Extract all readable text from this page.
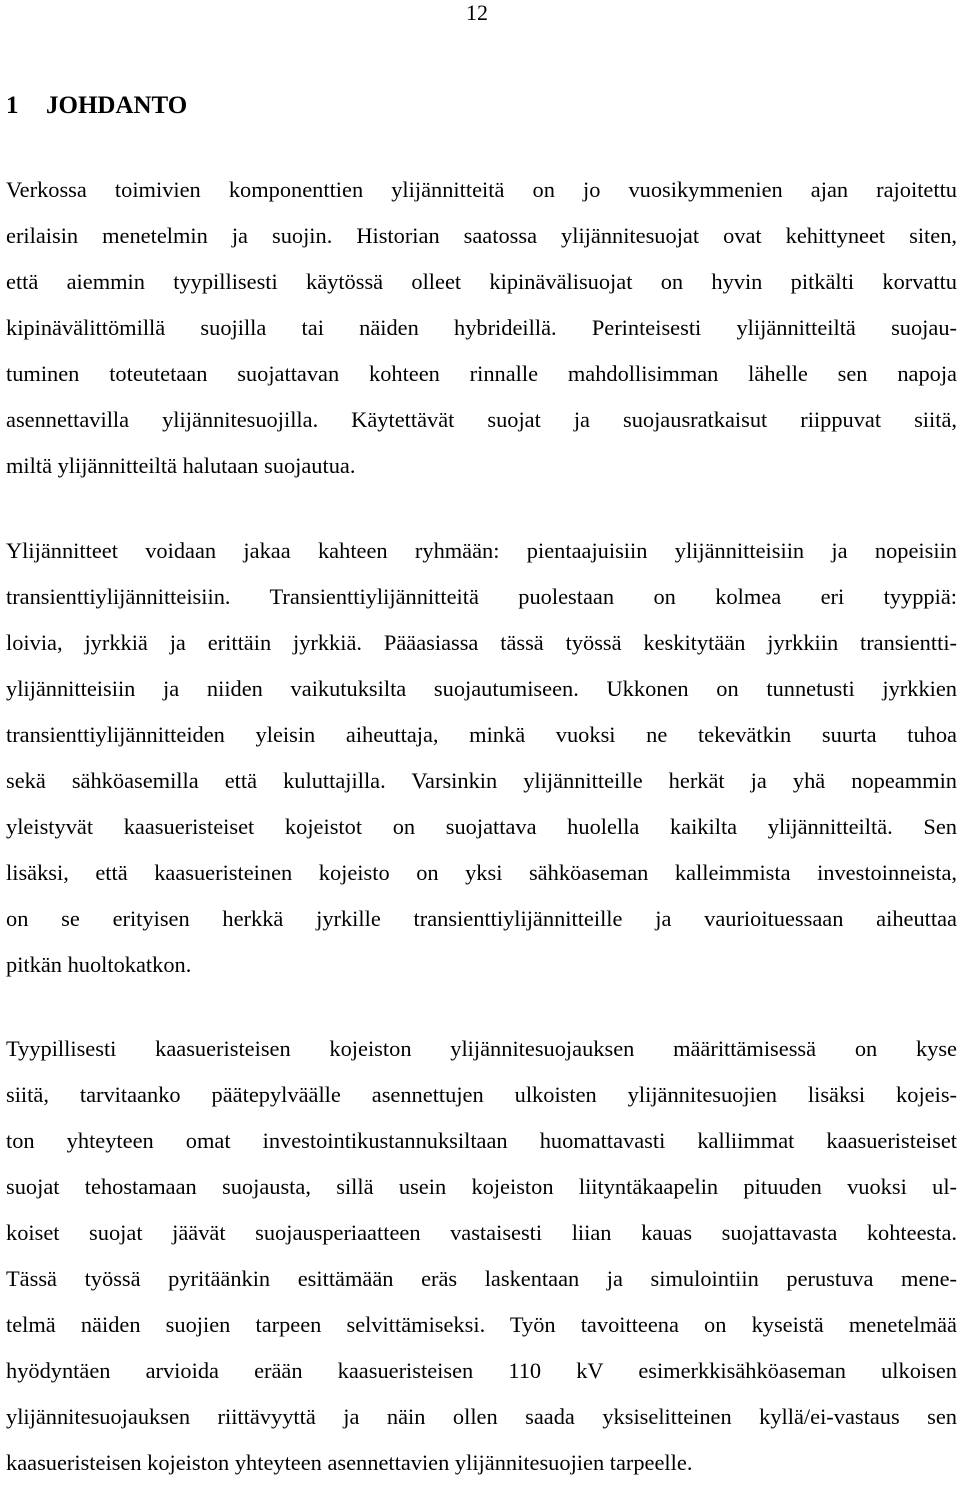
12
1 JOHDANTO
Verkossa toimivien komponenttien ylijännitteitä on jo vuosikymmenien ajan rajoitettu
erilaisin menetelmin ja suojin. Historian saatossa ylijännitesuojat ovat kehittyneet siten,
että aiemmin tyypillisesti käytössä olleet kipinävälisuojat on hyvin pitkälti korvattu
kipinävälittömillä suojilla tai näiden hybrideillä. Perinteisesti ylijännitteiltä suojau-
tuminen toteutetaan suojattavan kohteen rinnalle mahdollisimman lähelle sen napoja
asennettavilla ylijännitesuojilla. Käytettävät suojat ja suojausratkaisut riippuvat siitä,
miltä ylijännitteiltä halutaan suojautua.
Ylijännitteet voidaan jakaa kahteen ryhmään: pientaajuisiin ylijännitteisiin ja nopeisiin
transienttiylijännitteisiin. Transienttiylijännitteitä puolestaan on kolmea eri tyyppiä:
loivia, jyrkkiä ja erittäin jyrkkiä. Pääasiassa tässä työssä keskitytään jyrkkiin transientti-
ylijännitteisiin ja niiden vaikutuksilta suojautumiseen. Ukkonen on tunnetusti jyrkkien
transienttiylijännitteiden yleisin aiheuttaja, minkä vuoksi ne tekevätkin suurta tuhoa
sekä sähköasemilla että kuluttajilla. Varsinkin ylijännitteille herkät ja yhä nopeammin
yleistyvät kaasueristeiset kojeistot on suojattava huolella kaikilta ylijännitteiltä. Sen
lisäksi, että kaasueristeinen kojeisto on yksi sähköaseman kalleimmista investoinneista,
on se erityisen herkkä jyrkille transienttiylijännitteille ja vaurioituessaan aiheuttaa
pitkän huoltokatkon.
Tyypillisesti kaasueristeisen kojeiston ylijännitesuojauksen määrittämisessä on kyse
siitä, tarvitaanko päätepylväälle asennettujen ulkoisten ylijännitesuojien lisäksi kojeis-
ton yhteyteen omat investointikustannuksiltaan huomattavasti kalliimmat kaasueristeiset
suojat tehostamaan suojausta, sillä usein kojeiston liityntäkaapelin pituuden vuoksi ul-
koiset suojat jäävät suojausperiaatteen vastaisesti liian kauas suojattavasta kohteesta.
Tässä työssä pyritäänkin esittämään eräs laskentaan ja simulointiin perustuva mene-
telmä näiden suojien tarpeen selvittämiseksi. Työn tavoitteena on kyseistä menetelmää
hyödyntäen arvioida erään kaasueristeisen 110 kV esimerkkisähköaseman ulkoisen
ylijännitesuojauksen riittävyyttä ja näin ollen saada yksiselitteinen kyllä/ei-vastaus sen
kaasueristeisen kojeiston yhteyteen asennettavien ylijännitesuojien tarpeelle.
